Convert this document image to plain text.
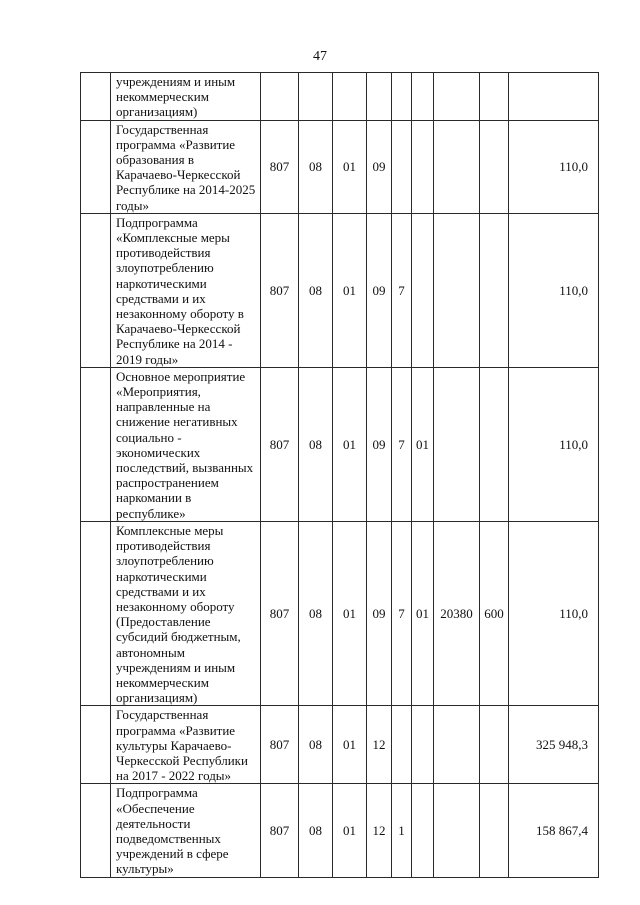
47
	учреждениям и иным некоммерческим организациям)									
	Государственная программа «Развитие образования в Карачаево-Черкесской Республике на 2014-2025 годы»	807	08	01	09					110,0
	Подпрограмма «Комплексные меры противодействия злоупотреблению наркотическими средствами и их незаконному обороту в Карачаево-Черкесской Республике на 2014 - 2019 годы»	807	08	01	09	7				110,0
	Основное мероприятие «Мероприятия, направленные на снижение негативных социально - экономических последствий, вызванных распространением наркомании в республике»	807	08	01	09	7	01			110,0
	Комплексные меры противодействия злоупотреблению наркотическими средствами и их незаконному обороту (Предоставление субсидий бюджетным, автономным учреждениям и иным некоммерческим организациям)	807	08	01	09	7	01	20380	600	110,0
	Государственная программа «Развитие культуры Карачаево-Черкесской Республики на 2017 - 2022 годы»	807	08	01	12					325 948,3
	Подпрограмма «Обеспечение деятельности подведомственных учреждений в сфере культуры»	807	08	01	12	1				158 867,4
